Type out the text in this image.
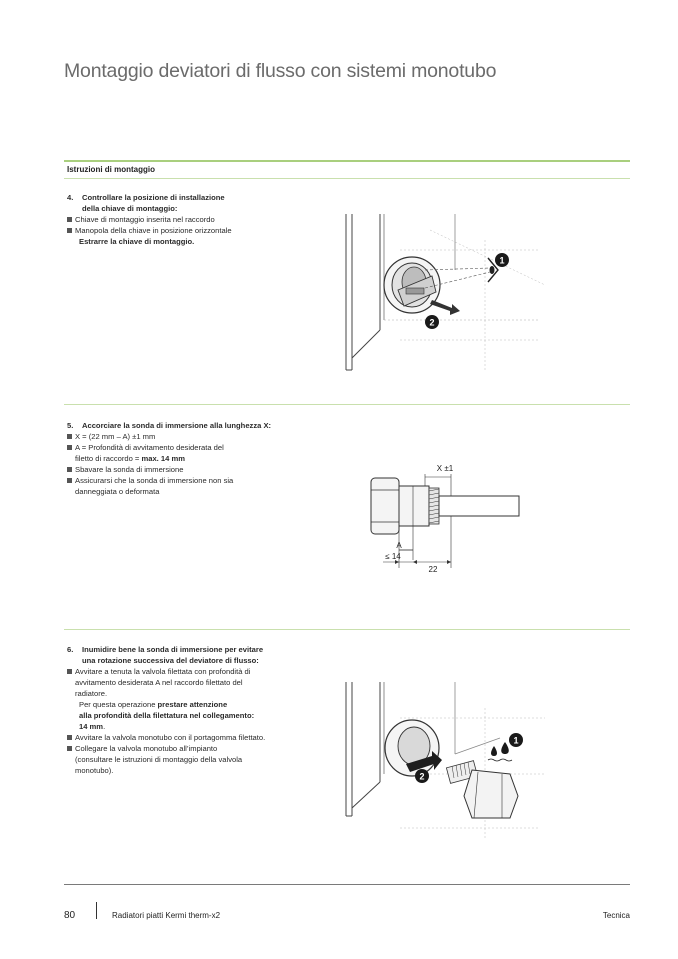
Montaggio deviatori di flusso con sistemi monotubo
Istruzioni di montaggio
4.	Controllare la posizione di installazione
della chiave di montaggio:
Chiave di montaggio inserita nel raccordo
Manopola della chiave in posizione orizzontale
Estrarre la chiave di montaggio.
1
2
5.	Accorciare la sonda di immersione alla lunghezza X:
X = (22 mm – A) ±1 mm
A = Profondità di avvitamento desiderata del
filetto di raccordo = max. 14 mm
Sbavare la sonda di immersione
Assicurarsi che la sonda di immersione non sia
danneggiata o deformata
X ±1
A
≤ 14
22
6.	Inumidire bene la sonda di immersione per evitare
una rotazione successiva del deviatore di flusso:
Avvitare a tenuta la valvola filettata con profondità di
avvitamento desiderata A nel raccordo filettato del
radiatore.
Per questa operazione prestare attenzione
alla profondità della filettatura nel collegamento:
14 mm.
Avvitare la valvola monotubo con il portagomma filettato.
Collegare la valvola monotubo all’impianto
(consultare le istruzioni di montaggio della valvola
monotubo).
1
2
80	Radiatori piatti Kermi therm-x2	Tecnica
